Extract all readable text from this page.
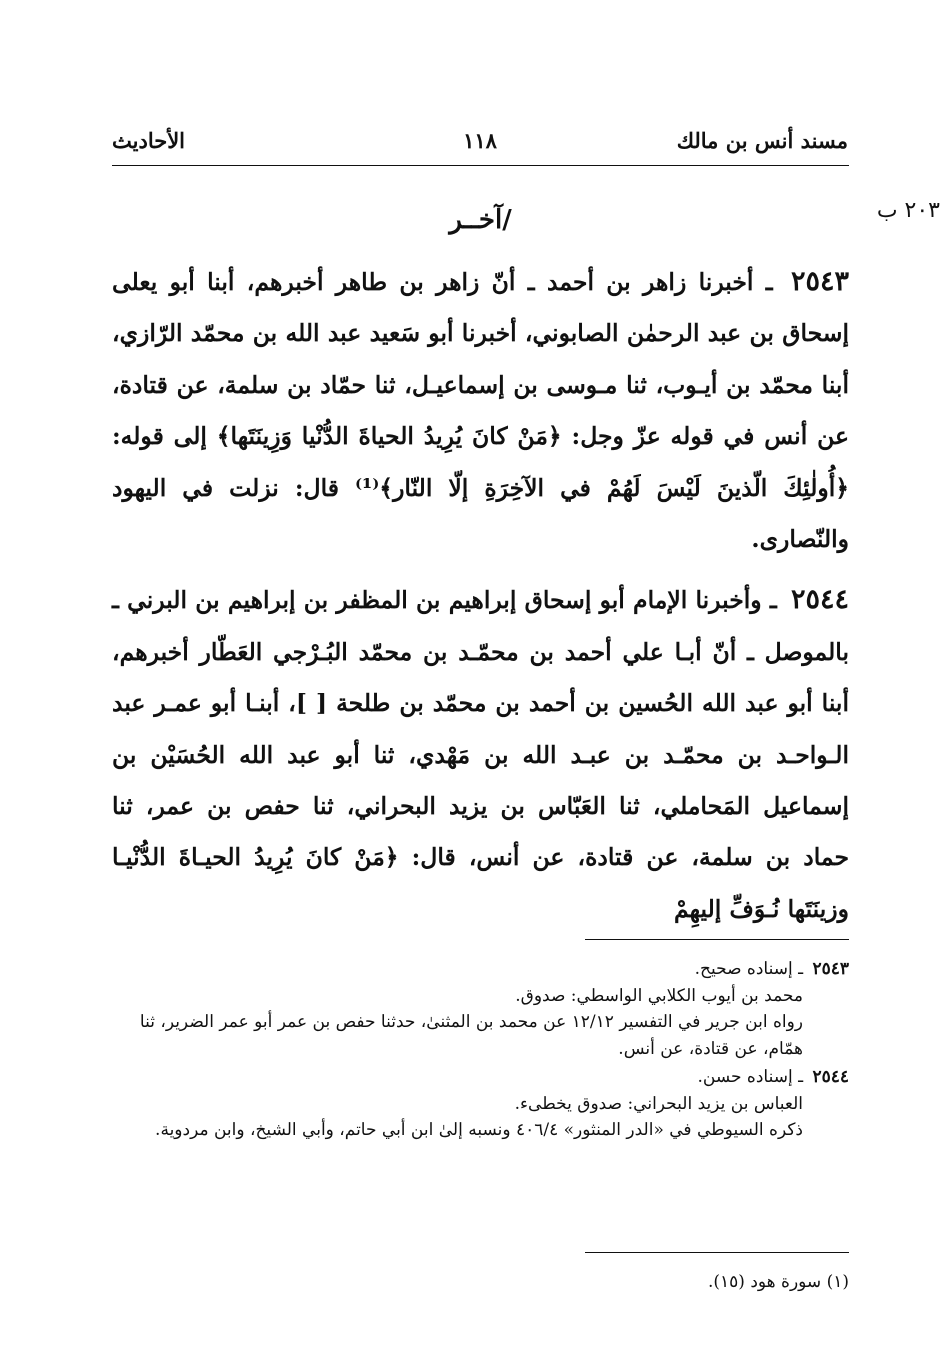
مسند أنس بن مالك
١١٨
الأحاديث
٢٠٣ ب
/آخــر

٢٥٤٣ ـ أخبرنا زاهر بن أحمد ـ أنّ زاهر بن طاهر أخبرهم، أبنا أبو يعلى إسحاق بن عبد الرحمٰن الصابوني، أخبرنا أبو سَعيد عبد الله بن محمّد الرّازي، أبنا محمّد بن أيـوب، ثنا مـوسى بن إسماعيـل، ثنا حمّاد بن سلمة، عن قتادة، عن أنس في قوله عزّ وجل: ﴿مَنْ كانَ يُرِيدُ الحياةَ الدُّنْيا وَزِينَتَها﴾ إلى قوله: ﴿أُولٰئِكَ الّذينَ لَيْسَ لَهُمْ في الآخِرَةِ إلّا النّار﴾⁽¹⁾ قال: نزلت في اليهود والنّصارى.

٢٥٤٤ ـ وأخبرنا الإمام أبو إسحاق إبراهيم بن المظفر بن إبراهيم بن البرني ـ بالموصل ـ أنّ أبـا علي أحمد بن محمّـد بن محمّد البُـرْجي العَطّار أخبرهم، أبنا أبو عبد الله الحُسين بن أحمد بن محمّد بن طلحة [ ]، أبنـا أبو عمـر عبد الـواحـد بن محمّـد بن عبـد الله بن مَهْدي، ثنا أبو عبد الله الحُسَيْن بن إسماعيل المَحاملي، ثنا العَبّاس بن يزيد البحراني، ثنا حفص بن عمر، ثنا حماد بن سلمة، عن قتادة، عن أنس، قال: ﴿مَنْ كانَ يُرِيدُ الحيـاةَ الدُّنْيـا وزينَتَها نُـوَفِّ إليهِمْ

٢٥٤٣ ـ إسناده صحيح.

محمد بن أيوب الكلابي الواسطي: صدوق.

رواه ابن جرير في التفسير ١٢/١٢ عن محمد بن المثنىٰ، حدثنا حفص بن عمر أبو عمر الضرير، ثنا همّام، عن قتادة، عن أنس.

٢٥٤٤ ـ إسناده حسن.

العباس بن يزيد البحراني: صدوق يخطىء.

ذكره السيوطي في «الدر المنثور» ٤٠٦/٤ ونسبه إلىٰ ابن أبي حاتم، وأبي الشيخ، وابن مردوية.

(١) سورة هود (١٥).
